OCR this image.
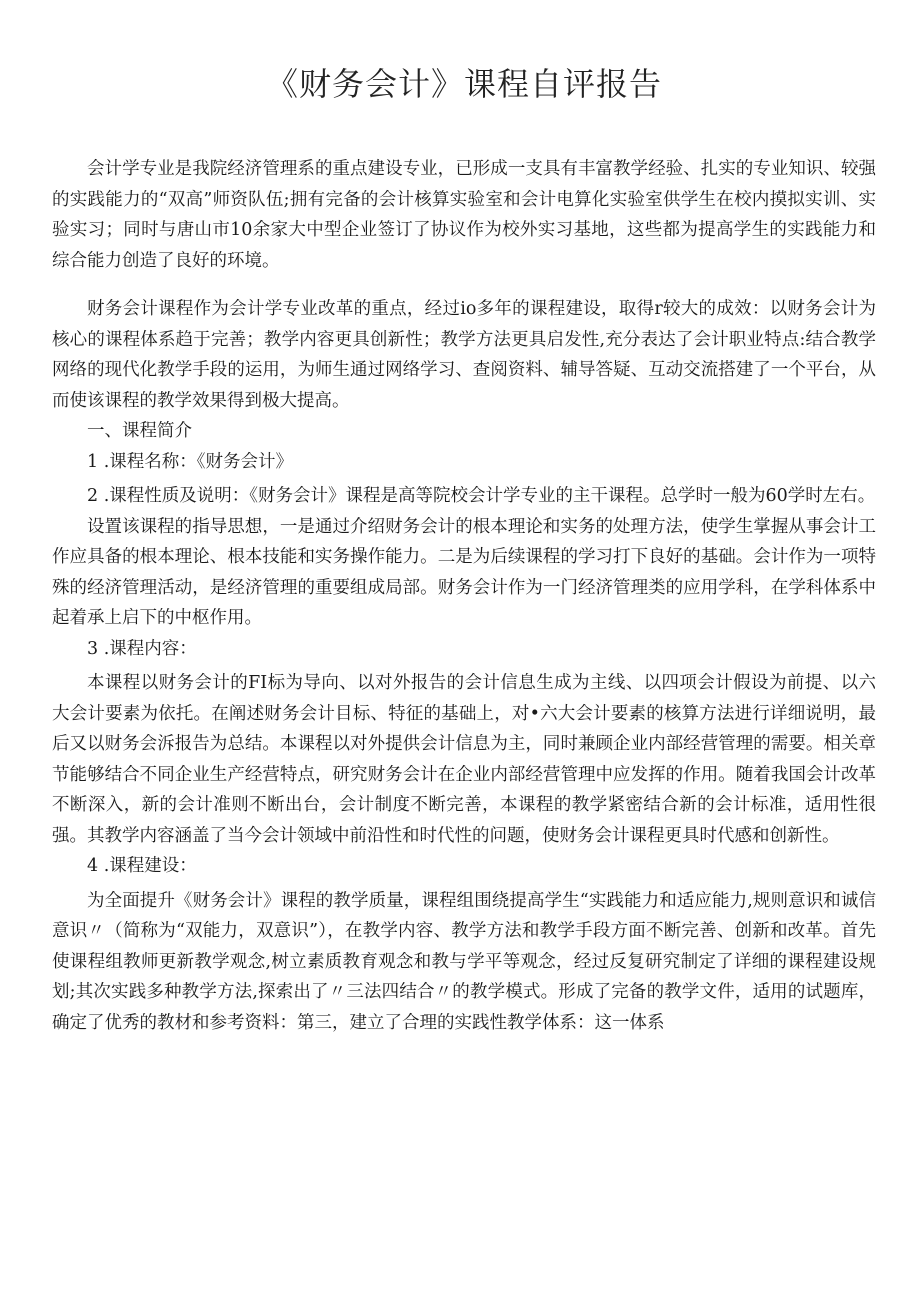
《财务会计》课程自评报告

会计学专业是我院经济管理系的重点建设专业，已形成一支具有丰富教学经验、扎实的专业知识、较强的实践能力的“双高”师资队伍;拥有完备的会计核算实验室和会计电算化实验室供学生在校内摸拟实训、实验实习；同时与唐山市10余家大中型企业签订了协议作为校外实习基地，这些都为提高学生的实践能力和综合能力创造了良好的环境。

财务会计课程作为会计学专业改革的重点，经过io多年的课程建设，取得r较大的成效：以财务会计为核心的课程体系趋于完善；教学内容更具创新性；教学方法更具启发性,充分表达了会计职业特点:结合教学网络的现代化教学手段的运用，为师生通过网络学习、查阅资料、辅导答疑、互动交流搭建了一个平台，从而使该课程的教学效果得到极大提高。

一、课程简介

1 .课程名称：《财务会计》

2 .课程性质及说明：《财务会计》课程是高等院校会计学专业的主干课程。总学时一般为60学时左右。

设置该课程的指导思想，一是通过介绍财务会计的根本理论和实务的处理方法，使学生掌握从事会计工作应具备的根本理论、根本技能和实务操作能力。二是为后续课程的学习打下良好的基础。会计作为一项特殊的经济管理活动，是经济管理的重要组成局部。财务会计作为一门经济管理类的应用学科，在学科体系中起着承上启下的中枢作用。

3 .课程内容：

本课程以财务会计的FI标为导向、以对外报告的会计信息生成为主线、以四项会计假设为前提、以六大会计要素为依托。在阐述财务会计目标、特征的基础上，对•六大会计要素的核算方法进行详细说明，最后又以财务会泝报告为总结。本课程以对外提供会计信息为主，同时兼顾企业内部经营管理的需要。相关章节能够结合不同企业生产经营特点，研究财务会计在企业内部经营管理中应发挥的作用。随着我国会计改革不断深入，新的会计准则不断出台，会计制度不断完善，本课程的教学紧密结合新的会计标准，适用性很强。其教学内容涵盖了当今会计领域中前沿性和时代性的问题，使财务会计课程更具时代感和创新性。

4 .课程建设：

为全面提升《财务会计》课程的教学质量，课程组围绕提高学生“实践能力和适应能力,规则意识和诚信意识〃（简称为“双能力，双意识”），在教学内容、教学方法和教学手段方面不断完善、创新和改革。首先使课程组教师更新教学观念,树立素质教育观念和教与学平等观念，经过反复研究制定了详细的课程建设规划;其次实践多种教学方法,探索出了〃三法四结合〃的教学模式。形成了完备的教学文件，适用的试题库，确定了优秀的教材和参考资料：第三，建立了合理的实践性教学体系：这一体系
